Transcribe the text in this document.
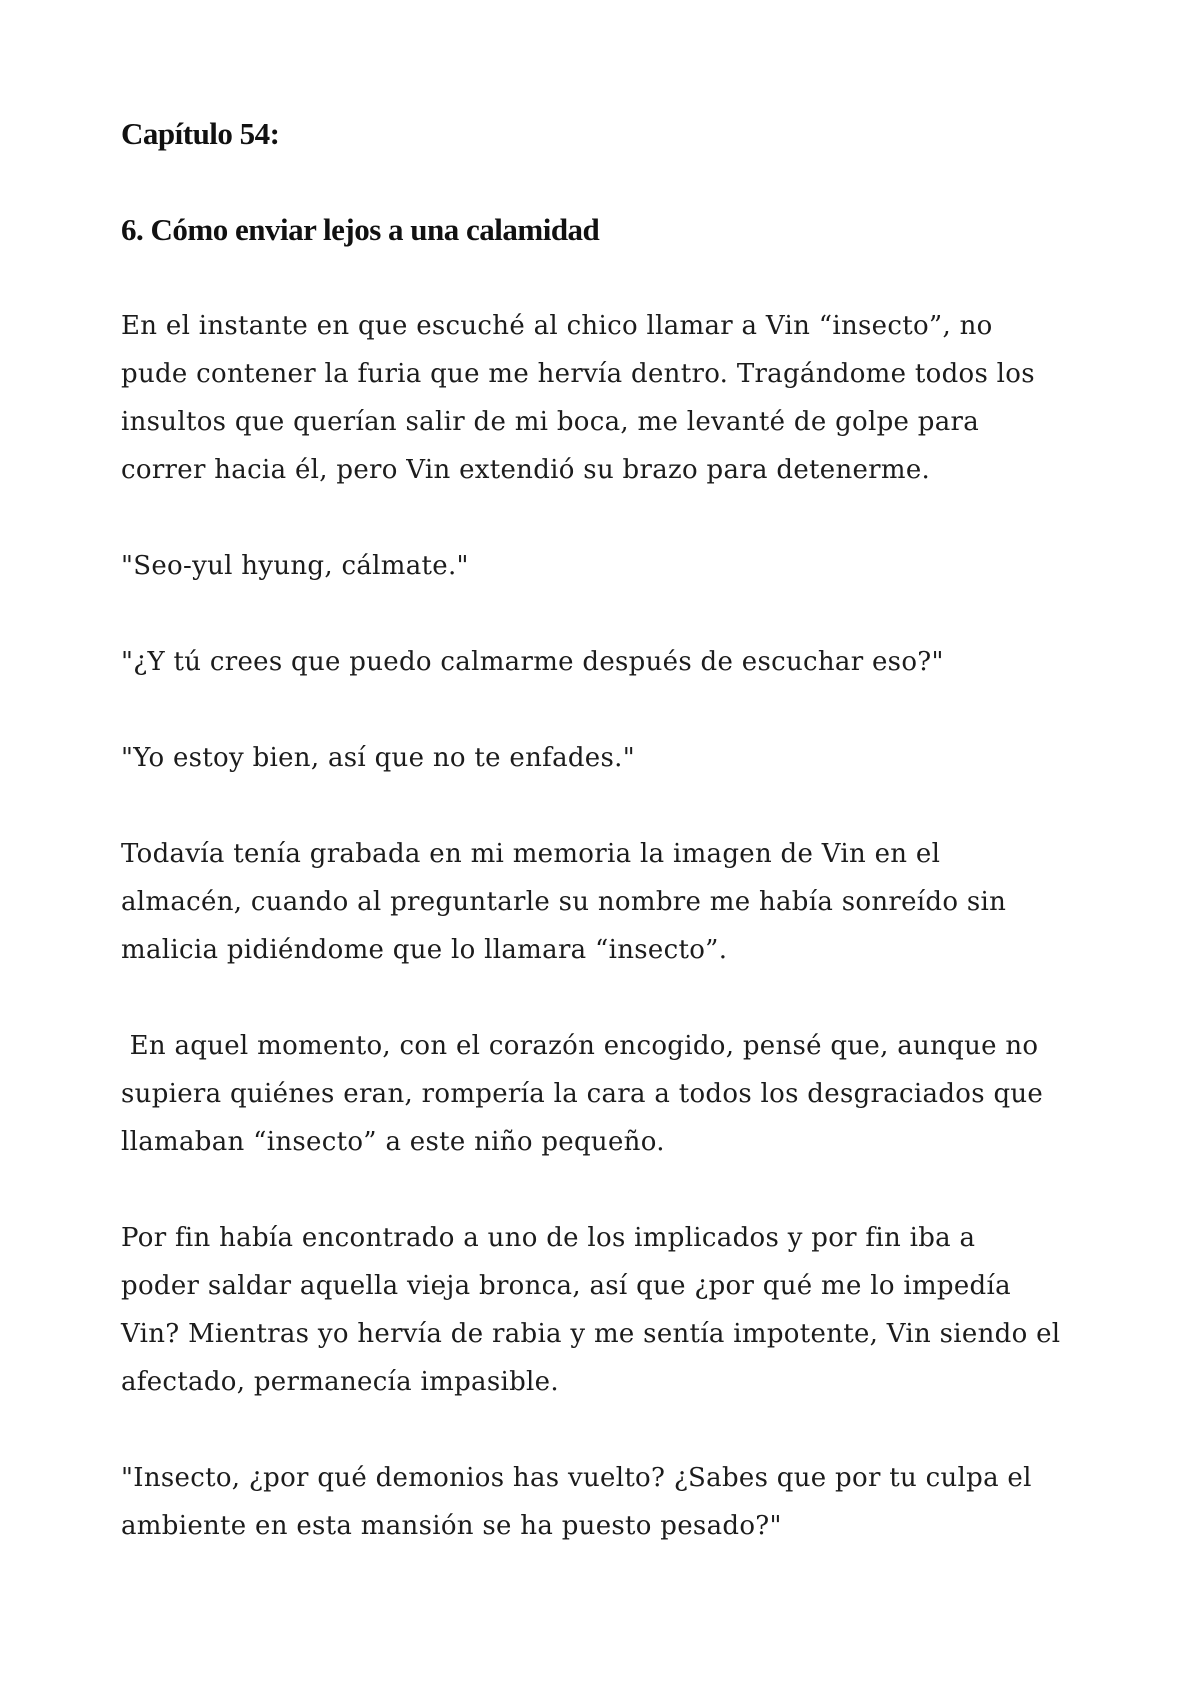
Capítulo 54:
6. Cómo enviar lejos a una calamidad

En el instante en que escuché al chico llamar a Vin “insecto”, no
pude contener la furia que me hervía dentro. Tragándome todos los
insultos que querían salir de mi boca, me levanté de golpe para
correr hacia él, pero Vin extendió su brazo para detenerme.

"Seo-yul hyung, cálmate."

"¿Y tú crees que puedo calmarme después de escuchar eso?"

"Yo estoy bien, así que no te enfades."

Todavía tenía grabada en mi memoria la imagen de Vin en el
almacén, cuando al preguntarle su nombre me había sonreído sin
malicia pidiéndome que lo llamara “insecto”.

En aquel momento, con el corazón encogido, pensé que, aunque no
supiera quiénes eran, rompería la cara a todos los desgraciados que
llamaban “insecto” a este niño pequeño.

Por fin había encontrado a uno de los implicados y por fin iba a
poder saldar aquella vieja bronca, así que ¿por qué me lo impedía
Vin? Mientras yo hervía de rabia y me sentía impotente, Vin siendo el
afectado, permanecía impasible.

"Insecto, ¿por qué demonios has vuelto? ¿Sabes que por tu culpa el
ambiente en esta mansión se ha puesto pesado?"
